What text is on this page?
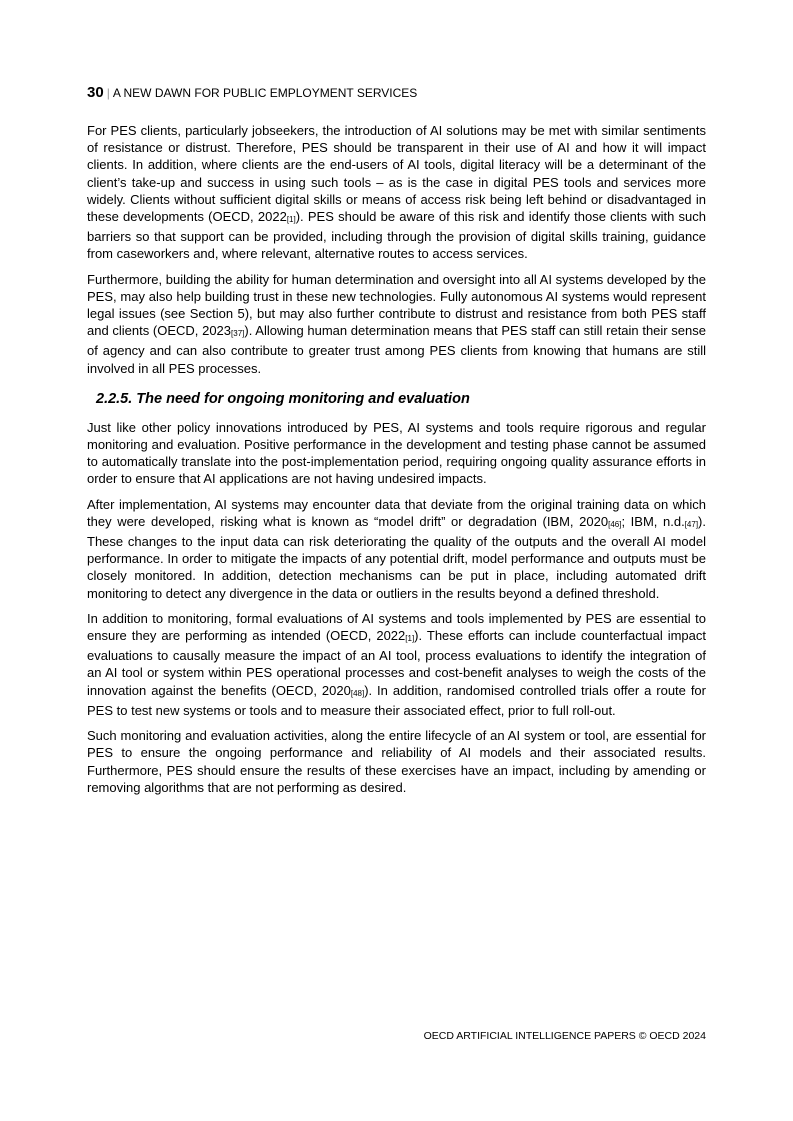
30 | A NEW DAWN FOR PUBLIC EMPLOYMENT SERVICES

For PES clients, particularly jobseekers, the introduction of AI solutions may be met with similar sentiments of resistance or distrust. Therefore, PES should be transparent in their use of AI and how it will impact clients. In addition, where clients are the end-users of AI tools, digital literacy will be a determinant of the client’s take-up and success in using such tools – as is the case in digital PES tools and services more widely. Clients without sufficient digital skills or means of access risk being left behind or disadvantaged in these developments (OECD, 2022[1]). PES should be aware of this risk and identify those clients with such barriers so that support can be provided, including through the provision of digital skills training, guidance from caseworkers and, where relevant, alternative routes to access services.

Furthermore, building the ability for human determination and oversight into all AI systems developed by the PES, may also help building trust in these new technologies. Fully autonomous AI systems would represent legal issues (see Section 5), but may also further contribute to distrust and resistance from both PES staff and clients (OECD, 2023[37]). Allowing human determination means that PES staff can still retain their sense of agency and can also contribute to greater trust among PES clients from knowing that humans are still involved in all PES processes.

2.2.5. The need for ongoing monitoring and evaluation

Just like other policy innovations introduced by PES, AI systems and tools require rigorous and regular monitoring and evaluation. Positive performance in the development and testing phase cannot be assumed to automatically translate into the post-implementation period, requiring ongoing quality assurance efforts in order to ensure that AI applications are not having undesired impacts.

After implementation, AI systems may encounter data that deviate from the original training data on which they were developed, risking what is known as “model drift” or degradation (IBM, 2020[46]; IBM, n.d.[47]). These changes to the input data can risk deteriorating the quality of the outputs and the overall AI model performance. In order to mitigate the impacts of any potential drift, model performance and outputs must be closely monitored. In addition, detection mechanisms can be put in place, including automated drift monitoring to detect any divergence in the data or outliers in the results beyond a defined threshold.

In addition to monitoring, formal evaluations of AI systems and tools implemented by PES are essential to ensure they are performing as intended (OECD, 2022[1]). These efforts can include counterfactual impact evaluations to causally measure the impact of an AI tool, process evaluations to identify the integration of an AI tool or system within PES operational processes and cost-benefit analyses to weigh the costs of the innovation against the benefits (OECD, 2020[48]). In addition, randomised controlled trials offer a route for PES to test new systems or tools and to measure their associated effect, prior to full roll-out.

Such monitoring and evaluation activities, along the entire lifecycle of an AI system or tool, are essential for PES to ensure the ongoing performance and reliability of AI models and their associated results. Furthermore, PES should ensure the results of these exercises have an impact, including by amending or removing algorithms that are not performing as desired.

OECD ARTIFICIAL INTELLIGENCE PAPERS © OECD 2024
